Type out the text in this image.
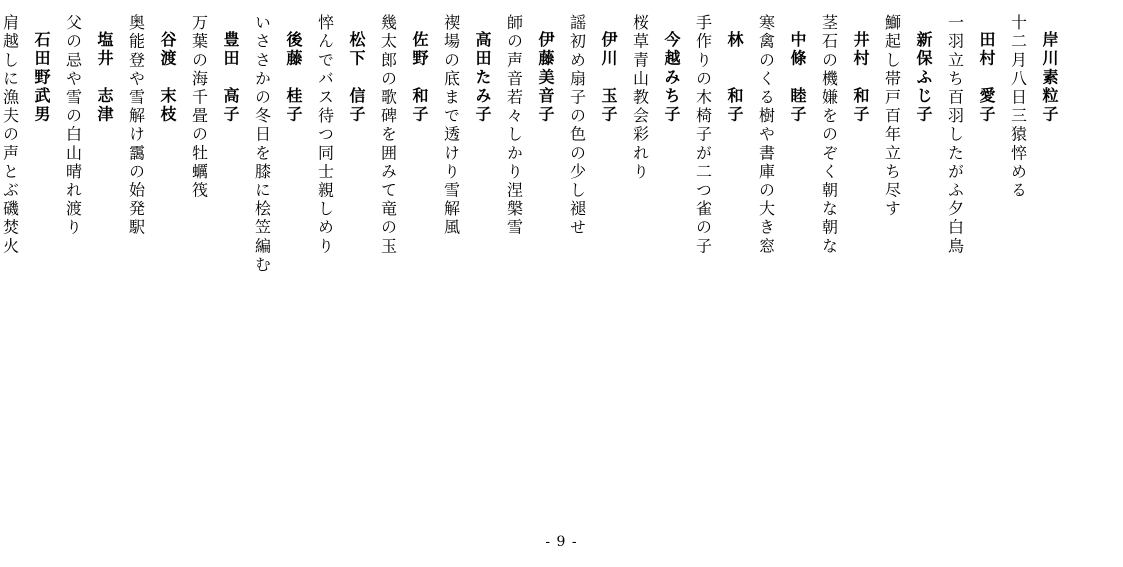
岸川素粒子
十二月八日三猿悴める
田村　愛子
一羽立ち百羽したがふ夕白鳥
新保ふじ子
鰤起し帯戸百年立ち尽す
井村　和子
茎石の機嫌をのぞく朝な朝な
中條　睦子
寒禽のくる樹や書庫の大き窓
林　　和子
手作りの木椅子が二つ雀の子
今越みち子
桜草青山教会彩れり
伊川　玉子
謡初め扇子の色の少し褪せ
伊藤美音子
師の声音若々しかり涅槃雪
高田たみ子
禊場の底まで透けり雪解風
佐野　和子
幾太郎の歌碑を囲みて竜の玉
松下　信子
悴んでバス待つ同士親しめり
後藤　桂子
いささかの冬日を膝に桧笠編む
豊田　高子
万葉の海千畳の牡蠣筏
谷渡　末枝
奥能登や雪解け靄の始発駅
塩井　志津
父の忌や雪の白山晴れ渡り
石田野武男
肩越しに漁夫の声とぶ磯焚火
- 9 -
